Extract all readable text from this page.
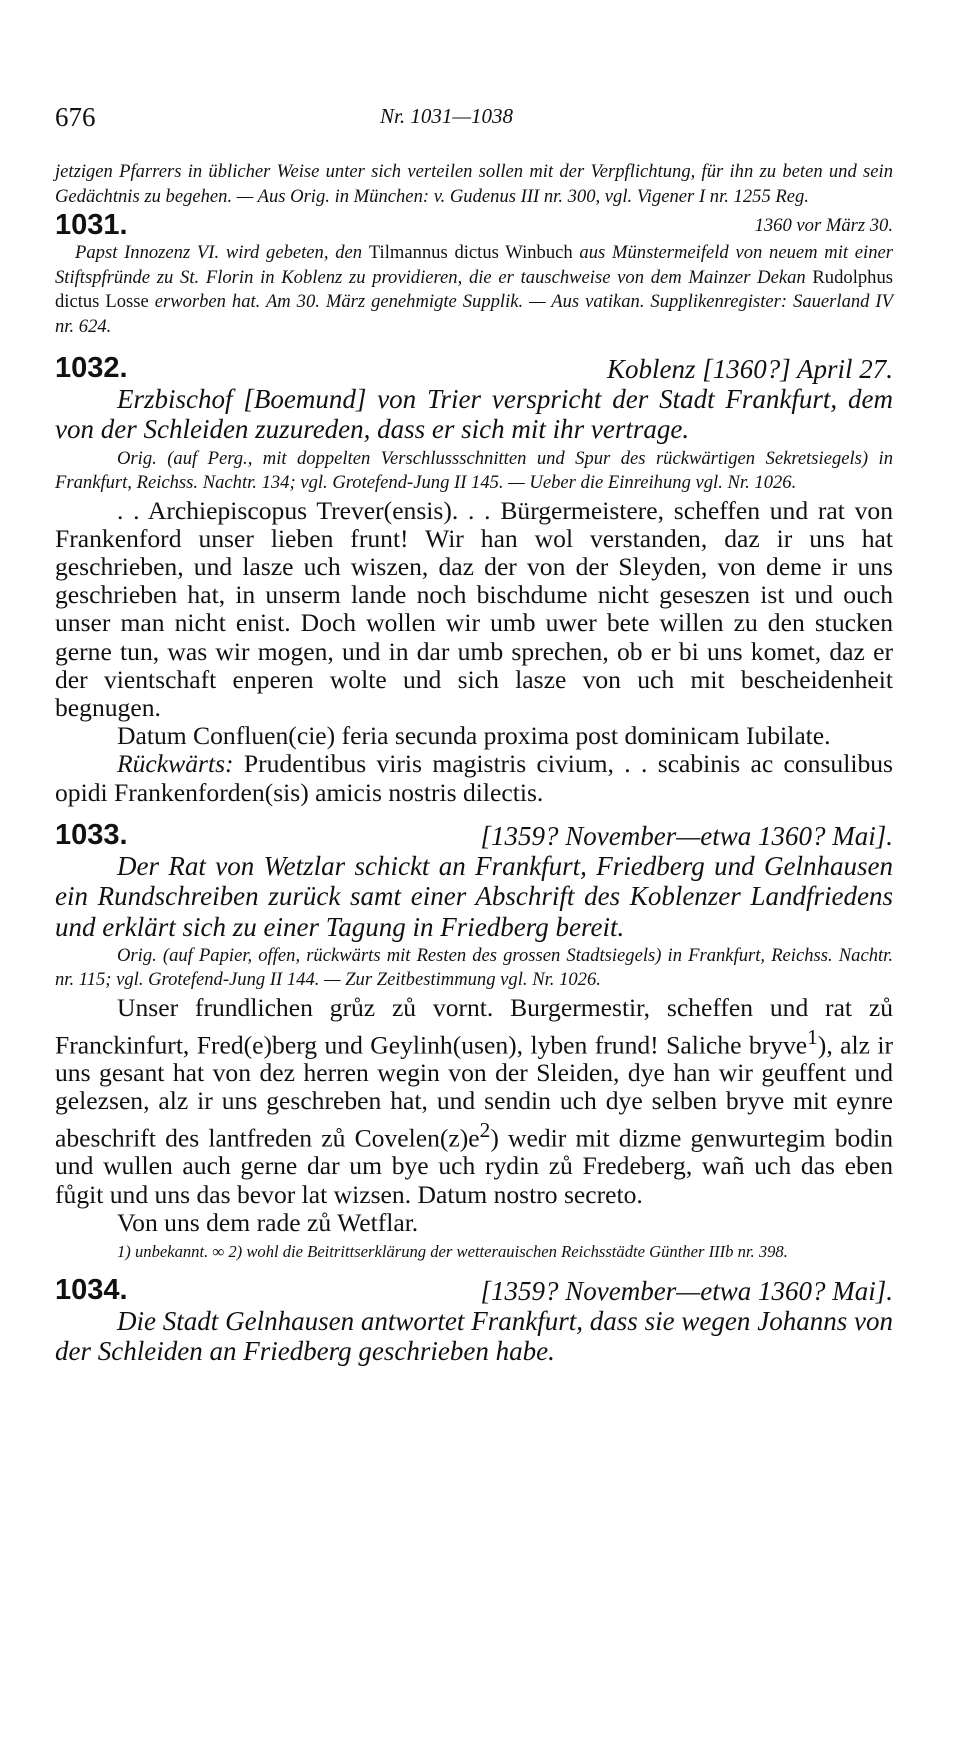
676	Nr. 1031—1038

jetzigen Pfarrers in üblicher Weise unter sich verteilen sollen mit der Verpflichtung, für ihn zu beten und sein Gedächtnis zu begehen. — Aus Orig. in München: v. Gudenus III nr. 300, vgl. Vigener I nr. 1255 Reg.

1031.	1360 vor März 30.

Papst Innozenz VI. wird gebeten, den Tilmannus dictus Winbuch aus Münstermeifeld von neuem mit einer Stiftspfründe zu St. Florin in Koblenz zu providieren, die er tauschweise von dem Mainzer Dekan Rudolphus dictus Losse erworben hat. Am 30. März genehmigte Supplik. — Aus vatikan. Supplikenregister: Sauerland IV nr. 624.

1032.	Koblenz [1360?] April 27.

Erzbischof [Boemund] von Trier verspricht der Stadt Frankfurt, dem von der Schleiden zuzureden, dass er sich mit ihr vertrage.

Orig. (auf Perg., mit doppelten Verschlussschnitten und Spur des rückwärtigen Sekretsiegels) in Frankfurt, Reichss. Nachtr. 134; vgl. Grotefend-Jung II 145. — Ueber die Einreihung vgl. Nr. 1026.

. . Archiepiscopus Trever(ensis). . . Bürgermeistere, scheffen und rat von Frankenford unser lieben frunt! Wir han wol verstanden, daz ir uns hat geschrieben, und lasze uch wiszen, daz der von der Sleyden, von deme ir uns geschrieben hat, in unserm lande noch bischdume nicht geseszen ist und ouch unser man nicht enist. Doch wollen wir umb uwer bete willen zu den stucken gerne tun, was wir mogen, und in dar umb sprechen, ob er bi uns komet, daz er der vientschaft enperen wolte und sich lasze von uch mit bescheidenheit begnugen.

Datum Confluen(cie) feria secunda proxima post dominicam Iubilate.

Rückwärts: Prudentibus viris magistris civium, . . scabinis ac consulibus opidi Frankenforden(sis) amicis nostris dilectis.

1033.	[1359? November—etwa 1360? Mai].

Der Rat von Wetzlar schickt an Frankfurt, Friedberg und Gelnhausen ein Rundschreiben zurück samt einer Abschrift des Koblenzer Landfriedens und erklärt sich zu einer Tagung in Friedberg bereit.

Orig. (auf Papier, offen, rückwärts mit Resten des grossen Stadtsiegels) in Frankfurt, Reichss. Nachtr. nr. 115; vgl. Grotefend-Jung II 144. — Zur Zeitbestimmung vgl. Nr. 1026.

Unser frundlichen grůz zů vornt. Burgermestir, scheffen und rat zů Franckinfurt, Fred(e)berg und Geylinh(usen), lyben frund! Saliche bryve$^1$), alz ir uns gesant hat von dez herren wegin von der Sleiden, dye han wir geuffent und gelezsen, alz ir uns geschreben hat, und sendin uch dye selben bryve mit eynre abeschrift des lantfreden zů $Covelen(z)e^2$) wedir mit dizme genwurtegim bodin und wullen auch gerne dar um bye uch rydin zů Fredeberg, wañ uch das eben fůgit und uns das bevor lat wizsen. Datum nostro secreto.

Von uns dem rade zů Wetflar.

1) unbekannt. ∞ 2) wohl die Beitrittserklärung der wetterauischen Reichsstädte Günther IIIb nr. 398.

1034.	[1359? November—etwa 1360? Mai].

Die Stadt Gelnhausen antwortet Frankfurt, dass sie wegen Johanns von der Schleiden an Friedberg geschrieben habe.
